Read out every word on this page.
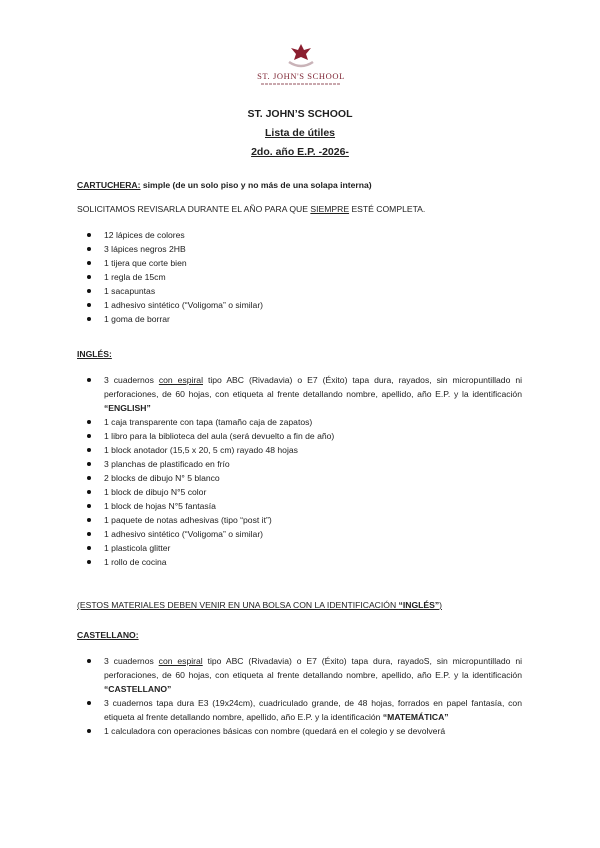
ST. JOHN'S SCHOOL
ST. JOHN’S SCHOOL
Lista de útiles
2do. año E.P. -2026-
CARTUCHERA: simple (de un solo piso y no más de una solapa interna)
SOLICITAMOS REVISARLA DURANTE EL AÑO PARA QUE SIEMPRE ESTÉ COMPLETA.
12 lápices de colores
3 lápices negros 2HB
1 tijera que corte bien
1 regla de 15cm
1 sacapuntas
1 adhesivo sintético (“Voligoma” o similar)
1 goma de borrar
INGLÉS:
3 cuadernos con espiral tipo ABC (Rivadavia) o E7 (Éxito) tapa dura, rayados, sin micropuntillado ni perforaciones, de 60 hojas, con etiqueta al frente detallando nombre, apellido, año E.P. y la identificación “ENGLISH”
1 caja transparente con tapa (tamaño caja de zapatos)
1 libro para la biblioteca del aula (será devuelto a fin de año)
1 block anotador (15,5 x 20, 5 cm) rayado 48 hojas
3 planchas de plastificado en frío
2 blocks de dibujo N° 5 blanco
1 block de dibujo N°5 color
1 block de hojas N°5 fantasía
1 paquete de notas adhesivas (tipo “post it”)
1 adhesivo sintético (“Voligoma” o similar)
1 plasticola glitter
1 rollo de cocina
(ESTOS MATERIALES DEBEN VENIR EN UNA BOLSA CON LA IDENTIFICACIÓN “INGLÉS”)
CASTELLANO:
3 cuadernos con espiral tipo ABC (Rivadavia) o E7 (Éxito) tapa dura, rayadoS, sin micropuntillado ni perforaciones, de 60 hojas, con etiqueta al frente detallando nombre, apellido, año E.P. y la identificación “CASTELLANO”
3 cuadernos tapa dura E3 (19x24cm), cuadriculado grande, de 48 hojas, forrados en papel fantasía, con etiqueta al frente detallando nombre, apellido, año E.P. y la identificación “MATEMÁTICA”
1 calculadora con operaciones básicas con nombre (quedará en el colegio y se devolverá
